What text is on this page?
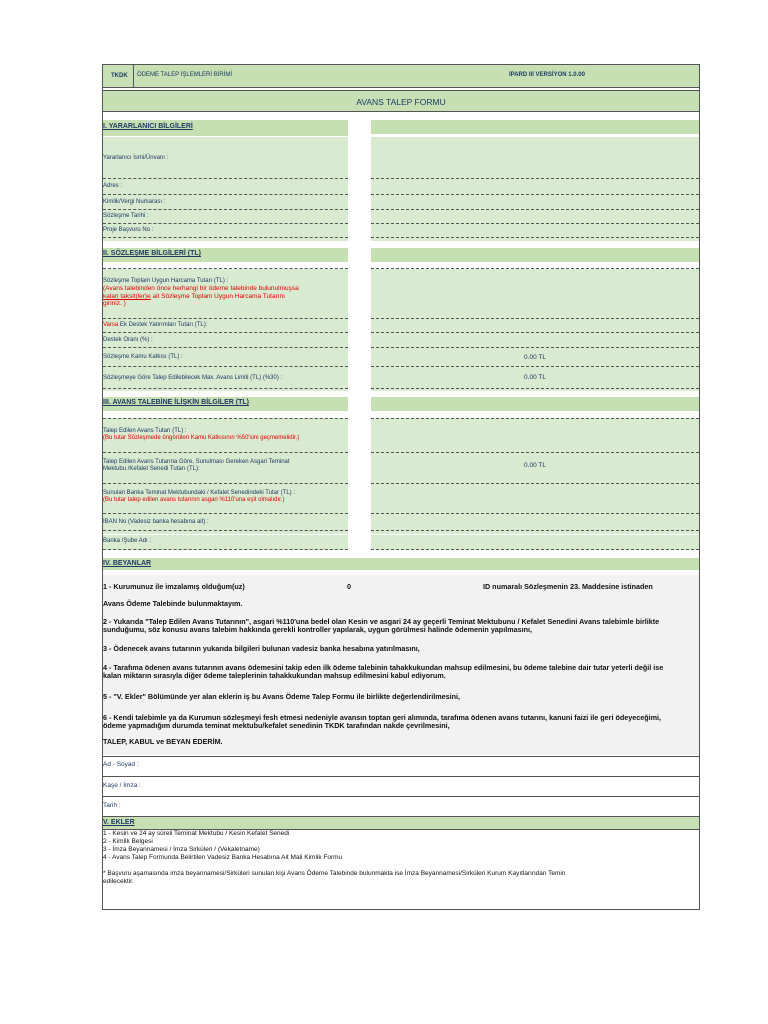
TKDK ÖDEME TALEP İŞLEMLERİ BİRİMİ	IPARD III VERSİYON 1.0.00
AVANS TALEP FORMU
I. YARARLANICI BİLGİLERİ
Yararlanıcı İsmi/Ünvanı :
Adres :
Kimlik/Vergi Numarası :
Sözleşme Tarihi :
Proje Başvuru No :
II. SÖZLEŞME BİLGİLERİ (TL)
Sözleşme Toplam Uygun Harcama Tutarı (TL) :
(Avans talebinden önce herhangi bir ödeme talebinde bulunulmuşsa
kalan taksit(ler)e ait Sözleşme Toplam Uygun Harcama Tutarını
giriniz. )
Varsa Ek Destek Yatırımları Tutarı (TL):
Destek Oranı (%) :
Sözleşme Kamu Katkısı (TL) :	0.00 TL
Sözleşmeye Göre Talep Edilebilecek Max. Avans Limiti (TL) (%30) :	0.00 TL
III. AVANS TALEBİNE İLİŞKİN BİLGİLER (TL)
Talep Edilen Avans Tutarı (TL) :
(Bu tutar Sözleşmede öngörülen Kamu Katkısının %50'sini geçmemelidir.)
Talep Edilen Avans Tutarına Göre, Sunulması Gereken Asgari Teminat
Mektubu /Kefalet Senedi Tutarı (TL):	0.00 TL
Sunulan Banka Teminat Mektubundaki / Kefalet Senedindeki Tutar (TL) :
(Bu tutar talep edilen avans tutarının asgari %110'una eşit olmalıdır.)
IBAN No (Vadesiz banka hesabına ait) :
Banka /Şube Adı :
IV. BEYANLAR
1 - Kurumunuz ile imzalamış olduğum(uz)	0	ID numaralı Sözleşmenin 23. Maddesine istinaden
Avans Ödeme Talebinde bulunmaktayım.
2 - Yukarıda "Talep Edilen Avans Tutarının", asgari %110'una bedel olan Kesin ve asgari 24 ay geçerli Teminat Mektubunu / Kefalet Senedini Avans talebimle birlikte
sunduğumu, söz konusu avans talebim hakkında gerekli kontroller yapılarak, uygun görülmesi halinde ödemenin yapılmasını,
3 - Ödenecek avans tutarının yukarıda bilgileri bulunan vadesiz banka hesabına yatırılmasını,
4 - Tarafıma ödenen avans tutarının avans ödemesini takip eden ilk ödeme talebinin tahakkukundan mahsup edilmesini, bu ödeme talebine dair tutar yeterli değil ise
kalan miktarın sırasıyla diğer ödeme taleplerinin tahakkukundan mahsup edilmesini kabul ediyorum.
5 - "V. Ekler" Bölümünde yer alan eklerin iş bu Avans Ödeme Talep Formu ile birlikte değerlendirilmesini,
6 - Kendi talebimle ya da Kurumun sözleşmeyi fesh etmesi nedeniyle avansın toptan geri alımında, tarafıma ödenen avans tutarını, kanuni faizi ile geri ödeyeceğimi,
ödeme yapmadığım durumda teminat mektubu/kefalet senedinin TKDK tarafından nakde çevrilmesini,
TALEP, KABUL ve BEYAN EDERİM.
Ad - Soyad :
Kaşe / İmza :
Tarih :
V. EKLER
1 - Kesin ve 24 ay süreli Teminat Mektubu / Kesin Kefalet Senedi
2 - Kimlik Belgesi
3 - İmza Beyannamesi / İmza Sirküleri / (Vekaletname)
4 - Avans Talep Formunda Belirtilen Vadesiz Banka Hesabına Ait Mali Kimlik Formu
* Başvuru aşamasında imza beyannamesi/Sirküleri sunulan kişi Avans Ödeme Talebinde bulunmakta ise İmza Beyannamesi/Sirküleri Kurum Kayıtlarından Temin
edilecektir.
